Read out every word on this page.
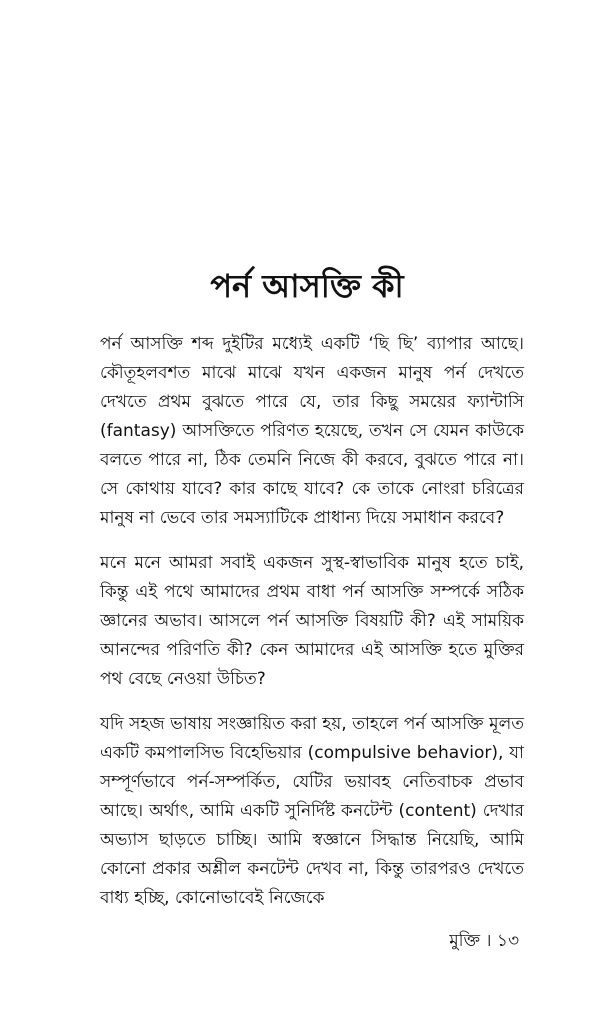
পর্ন আসক্তি কী

পর্ন আসক্তি শব্দ দুইটির মধ্যেই একটি ‘ছি ছি’ ব্যাপার আছে। কৌতূহলবশত মাঝে মাঝে যখন একজন মানুষ পর্ন দেখতে দেখতে প্রথম বুঝতে পারে যে, তার কিছু সময়ের ফ্যান্টাসি (fantasy) আসক্তিতে পরিণত হয়েছে, তখন সে যেমন কাউকে বলতে পারে না, ঠিক তেমনি নিজে কী করবে, বুঝতে পারে না। সে কোথায় যাবে? কার কাছে যাবে? কে তাকে নোংরা চরিত্রের মানুষ না ভেবে তার সমস্যাটিকে প্রাধান্য দিয়ে সমাধান করবে?

মনে মনে আমরা সবাই একজন সুস্থ-স্বাভাবিক মানুষ হতে চাই, কিন্তু এই পথে আমাদের প্রথম বাধা পর্ন আসক্তি সম্পর্কে সঠিক জ্ঞানের অভাব। আসলে পর্ন আসক্তি বিষয়টি কী? এই সাময়িক আনন্দের পরিণতি কী? কেন আমাদের এই আসক্তি হতে মুক্তির পথ বেছে নেওয়া উচিত?

যদি সহজ ভাষায় সংজ্ঞায়িত করা হয়, তাহলে পর্ন আসক্তি মূলত একটি কমপালসিভ বিহেভিয়ার (compulsive behavior), যা সম্পূর্ণভাবে পর্ন-সম্পর্কিত, যেটির ভয়াবহ নেতিবাচক প্রভাব আছে। অর্থাৎ, আমি একটি সুনির্দিষ্ট কনটেন্ট (content) দেখার অভ্যাস ছাড়তে চাচ্ছি। আমি স্বজ্ঞানে সিদ্ধান্ত নিয়েছি, আমি কোনো প্রকার অশ্লীল কনটেন্ট দেখব না, কিন্তু তারপরও দেখতে বাধ্য হচ্ছি, কোনোভাবেই নিজেকে

মুক্তি । ১৩
